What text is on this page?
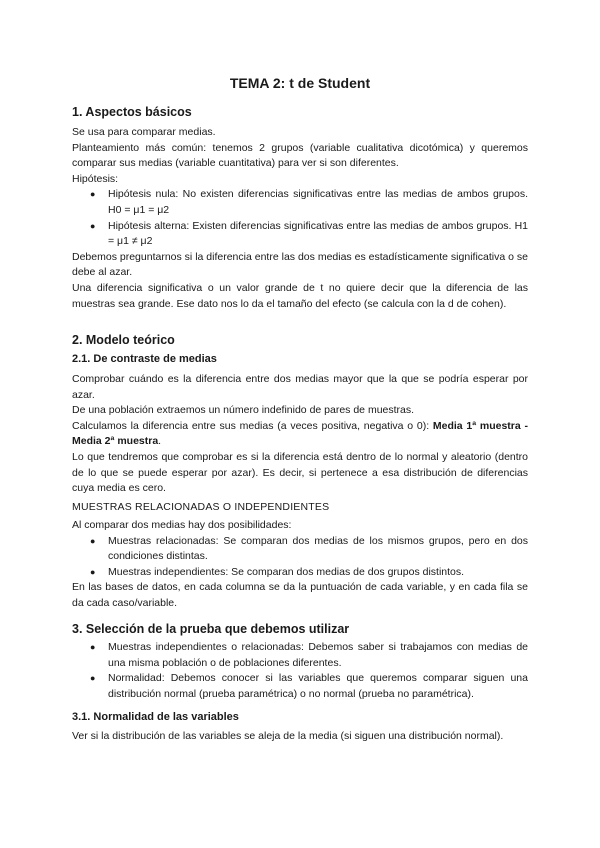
TEMA 2: t de Student
1. Aspectos básicos

Se usa para comparar medias.

Planteamiento más común: tenemos 2 grupos (variable cualitativa dicotómica) y queremos comparar sus medias (variable cuantitativa) para ver si son diferentes.

Hipótesis:

● Hipótesis nula: No existen diferencias significativas entre las medias de ambos grupos. H0 = μ1 = μ2
● Hipótesis alterna: Existen diferencias significativas entre las medias de ambos grupos. H1 = μ1 ≠ μ2

Debemos preguntarnos si la diferencia entre las dos medias es estadísticamente significativa o se debe al azar.

Una diferencia significativa o un valor grande de t no quiere decir que la diferencia de las muestras sea grande. Ese dato nos lo da el tamaño del efecto (se calcula con la d de cohen).

2. Modelo teórico
2.1. De contraste de medias

Comprobar cuándo es la diferencia entre dos medias mayor que la que se podría esperar por azar.

De una población extraemos un número indefinido de pares de muestras.

Calculamos la diferencia entre sus medias (a veces positiva, negativa o 0): Media 1ª muestra - Media 2ª muestra.

Lo que tendremos que comprobar es si la diferencia está dentro de lo normal y aleatorio (dentro de lo que se puede esperar por azar). Es decir, si pertenece a esa distribución de diferencias cuya media es cero.

MUESTRAS RELACIONADAS O INDEPENDIENTES

Al comparar dos medias hay dos posibilidades:

● Muestras relacionadas: Se comparan dos medias de los mismos grupos, pero en dos condiciones distintas.
● Muestras independientes: Se comparan dos medias de dos grupos distintos.

En las bases de datos, en cada columna se da la puntuación de cada variable, y en cada fila se da cada caso/variable.

3. Selección de la prueba que debemos utilizar
● Muestras independientes o relacionadas: Debemos saber si trabajamos con medias de una misma población o de poblaciones diferentes.
● Normalidad: Debemos conocer si las variables que queremos comparar siguen una distribución normal (prueba paramétrica) o no normal (prueba no paramétrica).
3.1. Normalidad de las variables

Ver si la distribución de las variables se aleja de la media (si siguen una distribución normal).
